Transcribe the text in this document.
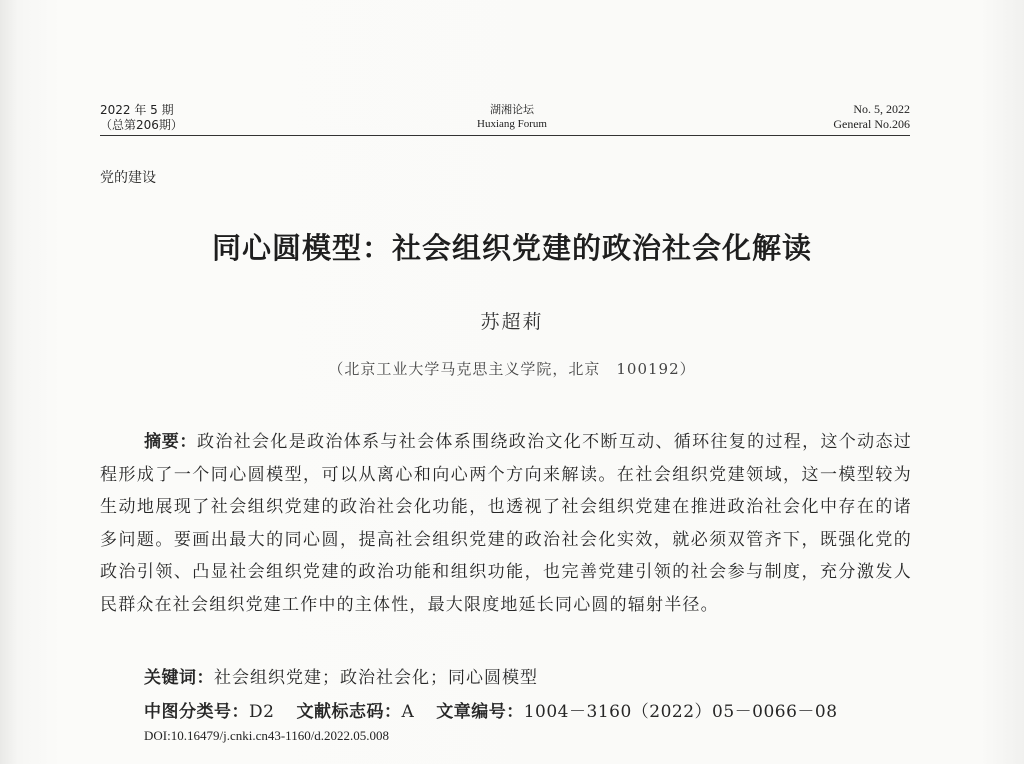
2022 年 5 期
（总第206期）
湖湘论坛
Huxiang Forum
No. 5, 2022
General No.206
党的建设
同心圆模型：社会组织党建的政治社会化解读
苏超莉
（北京工业大学马克思主义学院，北京　100192）
摘要：政治社会化是政治体系与社会体系围绕政治文化不断互动、循环往复的过程，这个动态过程形成了一个同心圆模型，可以从离心和向心两个方向来解读。在社会组织党建领域，这一模型较为生动地展现了社会组织党建的政治社会化功能，也透视了社会组织党建在推进政治社会化中存在的诸多问题。要画出最大的同心圆，提高社会组织党建的政治社会化实效，就必须双管齐下，既强化党的政治引领、凸显社会组织党建的政治功能和组织功能，也完善党建引领的社会参与制度，充分激发人民群众在社会组织党建工作中的主体性，最大限度地延长同心圆的辐射半径。
关键词：社会组织党建；政治社会化；同心圆模型
中图分类号：D2 文献标志码：A 文章编号：1004－3160（2022）05－0066－08
DOI:10.16479/j.cnki.cn43-1160/d.2022.05.008
